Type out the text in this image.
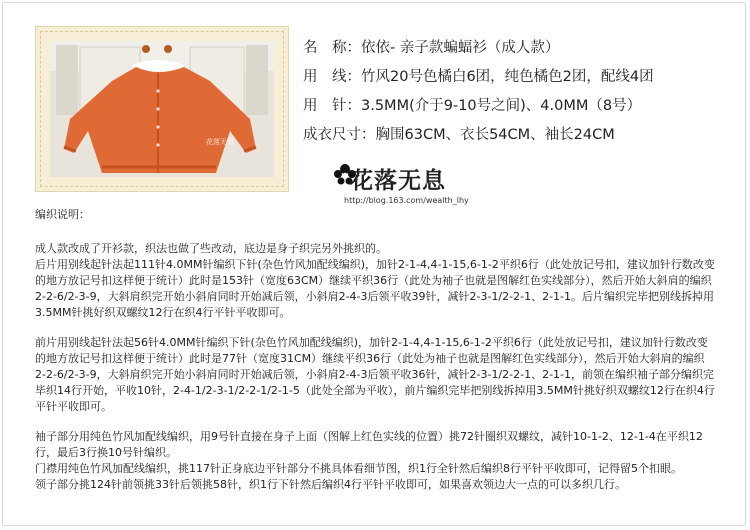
花落无息
名　称：依依- 亲子款蝙蝠衫（成人款）
用　线：竹风20号色橘白6团，纯色橘色2团，配线4团
用　针：3.5MM(介于9-10号之间)、4.0MM（8号）
成衣尺寸：胸围63CM、衣长54CM、袖长24CM
花落无息
http://blog.163.com/wealth_lhy

编织说明：

成人款改成了开衫款，织法也做了些改动，底边是身子织完另外挑织的。

后片用别线起针法起111针4.0MM针编织下针(杂色竹风加配线编织)，加针2-1-4,4-1-15,6-1-2平织6行（此处放记号扣，建议加针行数改变的地方放记号扣这样便于统计）此时是153针（宽度63CM）继续平织36行（此处为袖子也就是图解红色实线部分），然后开始大斜肩的编织2-2-6/2-3-9，大斜肩织完开始小斜肩同时开始减后领，小斜肩2-4-3后领平收39针，减针2-3-1/2-2-1、2-1-1。后片编织完毕把别线拆掉用3.5MM针挑好织双螺纹12行在织4行平针平收即可。

前片用别线起针法起56针4.0MM针编织下针(杂色竹风加配线编织)，加针2-1-4,4-1-15,6-1-2平织6行（此处放记号扣，建议加针行数改变的地方放记号扣这样便于统计）此时是77针（宽度31CM）继续平织36行（此处为袖子也就是图解红色实线部分），然后开始大斜肩的编织2-2-6/2-3-9，大斜肩织完开始小斜肩同时开始减后领，小斜肩2-4-3后领平收36针，减针2-3-1/2-2-1、2-1-1，前领在编织袖子部分编织完毕织14行开始，平收10针，2-4-1/2-3-1/2-2-1/2-1-5（此处全部为平收），前片编织完毕把别线拆掉用3.5MM针挑好织双螺纹12行在织4行平针平收即可。

袖子部分用纯色竹风加配线编织，用9号针直接在身子上面（图解上红色实线的位置）挑72针圈织双螺纹，减针10-1-2、12-1-4在平织12行，最后3行换10号针编织。

门襟用纯色竹风加配线编织，挑117针正身底边平针部分不挑具体看细节图，织1行全针然后编织8行平针平收即可，记得留5个扣眼。

领子部分挑124针前领挑33针后领挑58针，织1行下针然后编织4行平针平收即可，如果喜欢领边大一点的可以多织几行。
